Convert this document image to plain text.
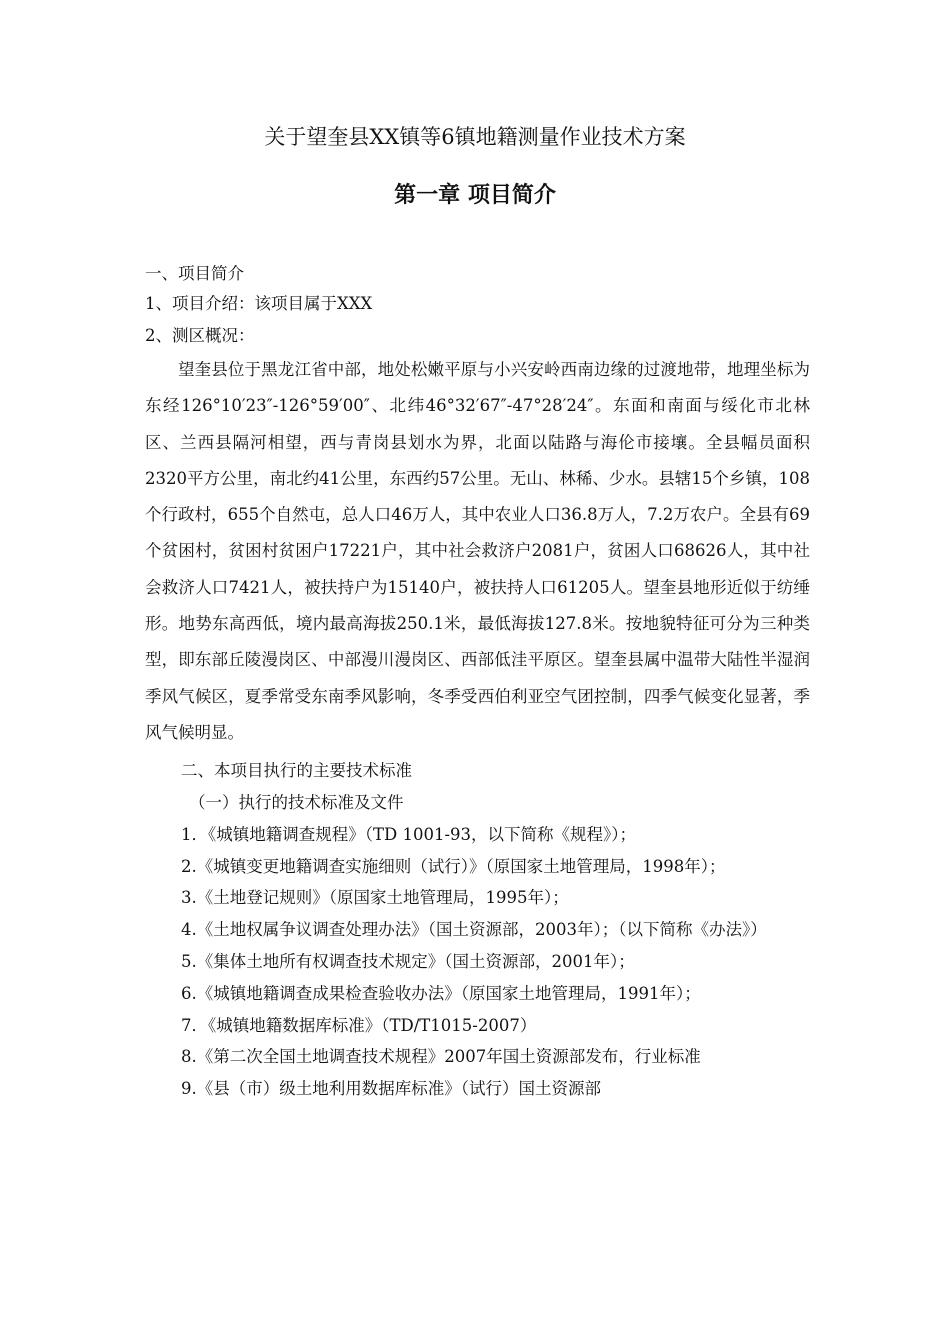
关于望奎县XX镇等6镇地籍测量作业技术方案
第一章 项目简介

一、项目简介

1、项目介绍：该项目属于XXX

2、测区概况：

望奎县位于黑龙江省中部，地处松嫩平原与小兴安岭西南边缘的过渡地带，地理坐标为东经126°10′23″-126°59′00″、北纬46°32′67″-47°28′24″。东面和南面与绥化市北林区、兰西县隔河相望，西与青岗县划水为界，北面以陆路与海伦市接壤。全县幅员面积2320平方公里，南北约41公里，东西约57公里。无山、林稀、少水。县辖15个乡镇，108个行政村，655个自然屯，总人口46万人，其中农业人口36.8万人，7.2万农户。全县有69个贫困村，贫困村贫困户17221户，其中社会救济户2081户，贫困人口68626人，其中社会救济人口7421人，被扶持户为15140户，被扶持人口61205人。望奎县地形近似于纺缍形。地势东高西低，境内最高海拔250.1米，最低海拔127.8米。按地貌特征可分为三种类型，即东部丘陵漫岗区、中部漫川漫岗区、西部低洼平原区。望奎县属中温带大陆性半湿润季风气候区，夏季常受东南季风影响，冬季受西伯利亚空气团控制，四季气候变化显著，季风气候明显。

二、本项目执行的主要技术标准

（一）执行的技术标准及文件

1．《城镇地籍调查规程》（TD 1001-93，以下简称《规程》）；

2.《城镇变更地籍调查实施细则（试行）》（原国家土地管理局，1998年）；

3.《土地登记规则》（原国家土地管理局，1995年）；

4.《土地权属争议调查处理办法》（国土资源部，2003年）；（以下简称《办法》）

5.《集体土地所有权调查技术规定》（国土资源部，2001年）；

6.《城镇地籍调查成果检查验收办法》（原国家土地管理局，1991年）；

7．《城镇地籍数据库标准》（TD/T1015-2007）

8.《第二次全国土地调查技术规程》2007年国土资源部发布，行业标准

9.《县（市）级土地利用数据库标准》（试行）国土资源部
